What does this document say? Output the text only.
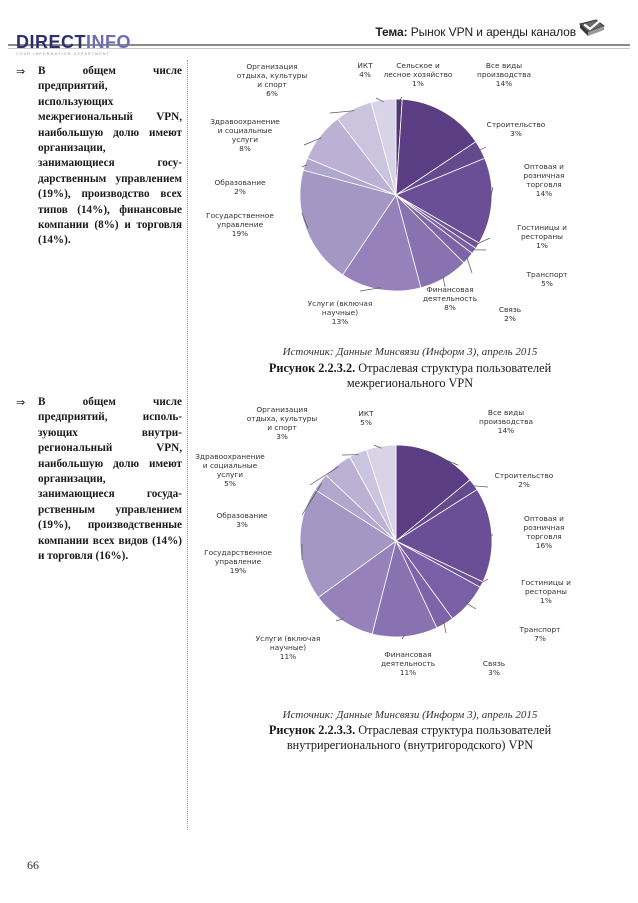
Тема: Рынок VPN и аренды каналов
DIRECTINFO
YOUR INFORMATION DEPARTMENT
⇒ В общем числе предприятий, использующих межрегиональный VPN, наибольшую долю имеют организации, занимающиеся государственным управлением (19%), производство всех типов (14%), финансовые компании (8%) и торговля (14%).
⇒ В общем числе предприятий, использующих внутрирегиональный VPN, наибольшую долю имеют организации, занимающиеся государственным управлением (19%), производственные компании всех видов (14%) и торговля (16%).
Сельское и лесное хозяйство 1%
Все виды производства 14%
Строительство 3%
Оптовая и розничная торговля 14%
Гостиницы и рестораны 1%
Транспорт 5%
Связь 2%
Финансовая деятельность 8%
Услуги (включая научные) 13%
Государственное управление 19%
Образование 2%
Здравоохранение и социальные услуги 8%
Организация отдыха, культуры и спорт 6%
ИКТ 4%
Источник: Данные Минсвязи (Информ 3), апрель 2015
Рисунок 2.2.3.2. Отраслевая структура пользователей
межрегионального VPN
Все виды производства 14%
Строительство 2%
Оптовая и розничная торговля 16%
Гостиницы и рестораны 1%
Транспорт 7%
Связь 3%
Финансовая деятельность 11%
Услуги (включая научные) 11%
Государственное управление 19%
Образование 3%
Здравоохранение и социальные услуги 5%
Организация отдыха, культуры и спорт 3%
ИКТ 5%
Источник: Данные Минсвязи (Информ 3), апрель 2015
Рисунок 2.2.3.3. Отраслевая структура пользователей
внутрирегионального (внутригородского) VPN
66
